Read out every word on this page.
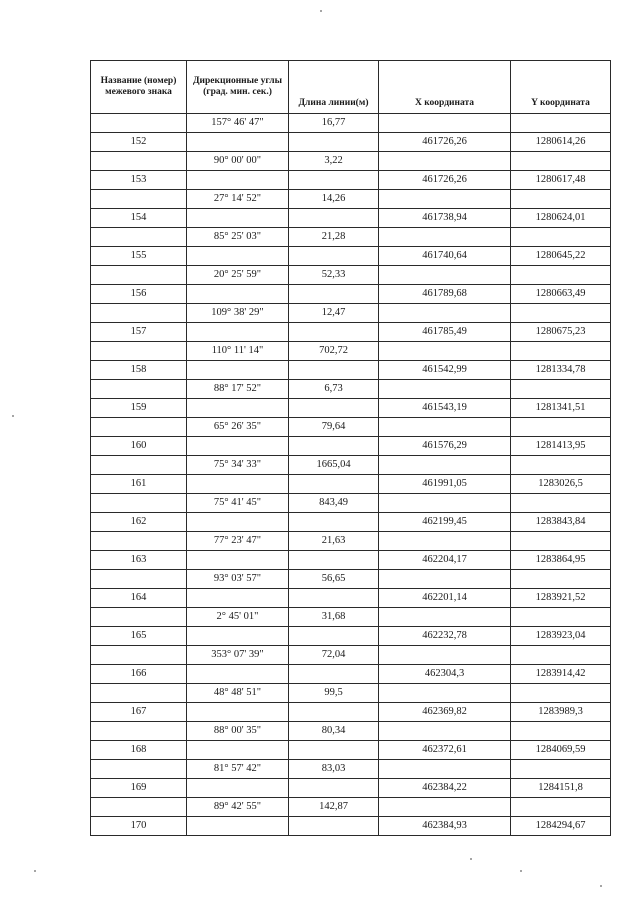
Название (номер) межевого знака	Дирекционные углы (град. мин. сек.)	Длина линии(м)	X координата	Y координата
	157° 46' 47"	16,77		
152			461726,26	1280614,26
	90° 00' 00"	3,22		
153			461726,26	1280617,48
	27° 14' 52"	14,26		
154			461738,94	1280624,01
	85° 25' 03"	21,28		
155			461740,64	1280645,22
	20° 25' 59"	52,33		
156			461789,68	1280663,49
	109° 38' 29"	12,47		
157			461785,49	1280675,23
	110° 11' 14"	702,72		
158			461542,99	1281334,78
	88° 17' 52"	6,73		
159			461543,19	1281341,51
	65° 26' 35"	79,64		
160			461576,29	1281413,95
	75° 34' 33"	1665,04		
161			461991,05	1283026,5
	75° 41' 45"	843,49		
162			462199,45	1283843,84
	77° 23' 47"	21,63		
163			462204,17	1283864,95
	93° 03' 57"	56,65		
164			462201,14	1283921,52
	2° 45' 01"	31,68		
165			462232,78	1283923,04
	353° 07' 39"	72,04		
166			462304,3	1283914,42
	48° 48' 51"	99,5		
167			462369,82	1283989,3
	88° 00' 35"	80,34		
168			462372,61	1284069,59
	81° 57' 42"	83,03		
169			462384,22	1284151,8
	89° 42' 55"	142,87		
170			462384,93	1284294,67
